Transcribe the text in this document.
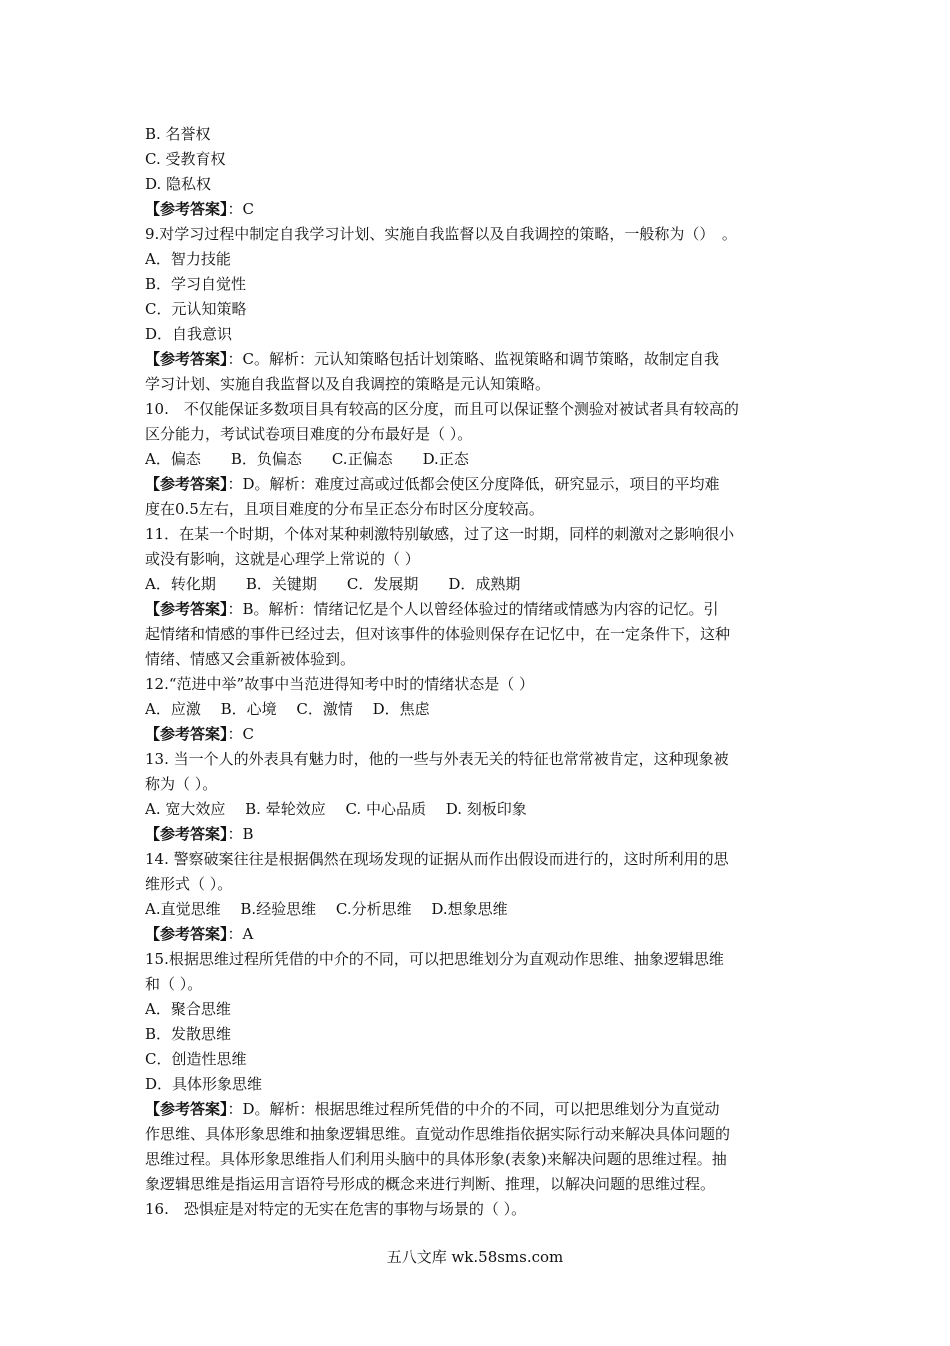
B. 名誉权
C. 受教育权
D. 隐私权
【参考答案】：C
9.对学习过程中制定自我学习计划、实施自我监督以及自我调控的策略，一般称为（）　。
A．智力技能
B．学习自觉性
C．元认知策略
D．自我意识
【参考答案】：C。解析：元认知策略包括计划策略、监视策略和调节策略，故制定自我
学习计划、实施自我监督以及自我调控的策略是元认知策略。
10.　不仅能保证多数项目具有较高的区分度，而且可以保证整个测验对被试者具有较高的
区分能力，考试试卷项目难度的分布最好是（ ）。
A．偏态　　B．负偏态　　C.正偏态　　D.正态
【参考答案】：D。解析：难度过高或过低都会使区分度降低，研究显示，项目的平均难
度在0.5左右，且项目难度的分布呈正态分布时区分度较高。
11．在某一个时期，个体对某种刺激特别敏感，过了这一时期，同样的刺激对之影响很小
或没有影响，这就是心理学上常说的（ ）
A．转化期　　B．关键期　　C．发展期　　D．成熟期
【参考答案】：B。解析：情绪记忆是个人以曾经体验过的情绪或情感为内容的记忆。引
起情绪和情感的事件已经过去，但对该事件的体验则保存在记忆中，在一定条件下，这种
情绪、情感又会重新被体验到。
12.“范进中举”故事中当范进得知考中时的情绪状态是（ ）
A．应激　 B．心境　 C．激情　 D．焦虑
【参考答案】：C
13. 当一个人的外表具有魅力时，他的一些与外表无关的特征也常常被肯定，这种现象被
称为（ ）。
A. 宽大效应　 B. 晕轮效应　 C. 中心品质　 D. 刻板印象
【参考答案】：B
14. 警察破案往往是根据偶然在现场发现的证据从而作出假设而进行的，这时所利用的思
维形式（ ）。
A.直觉思维　 B.经验思维　 C.分析思维　 D.想象思维
【参考答案】：A
15.根据思维过程所凭借的中介的不同，可以把思维划分为直观动作思维、抽象逻辑思维
和（ ）。
A．聚合思维
B．发散思维
C．创造性思维
D．具体形象思维
【参考答案】：D。解析：根据思维过程所凭借的中介的不同，可以把思维划分为直觉动
作思维、具体形象思维和抽象逻辑思维。直觉动作思维指依据实际行动来解决具体问题的
思维过程。具体形象思维指人们利用头脑中的具体形象(表象)来解决问题的思维过程。抽
象逻辑思维是指运用言语符号形成的概念来进行判断、推理，以解决问题的思维过程。
16.　恐惧症是对特定的无实在危害的事物与场景的（ ）。
五八文库 wk.58sms.com
